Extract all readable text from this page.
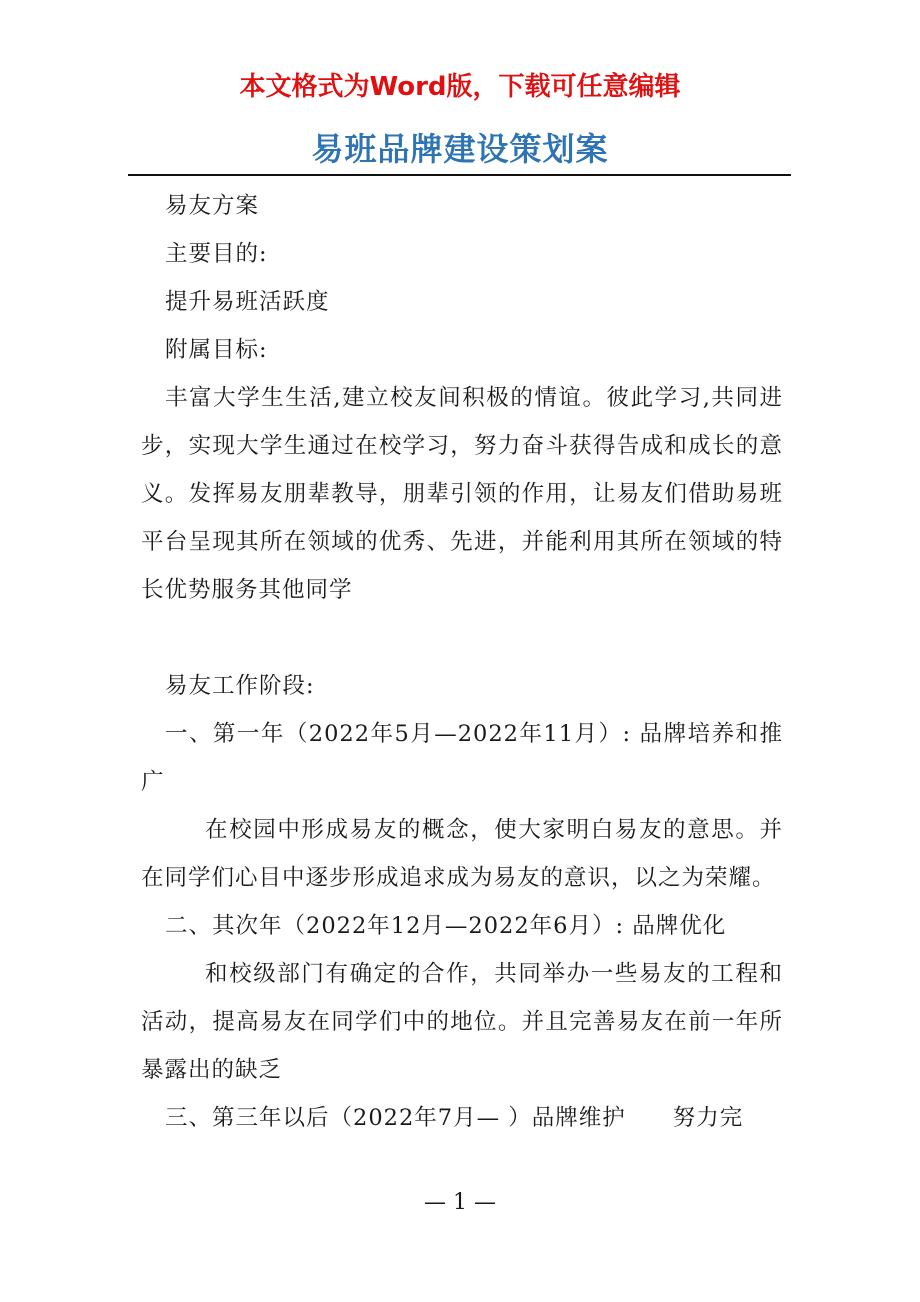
本文格式为Word版，下载可任意编辑
易班品牌建设策划案

易友方案

主要目的:

提升易班活跃度

附属目标:

丰富大学生生活,建立校友间积极的情谊。彼此学习,共同进步，实现大学生通过在校学习，努力奋斗获得告成和成长的意义。发挥易友朋辈教导，朋辈引领的作用，让易友们借助易班平台呈现其所在领域的优秀、先进，并能利用其所在领域的特长优势服务其他同学

易友工作阶段:

一、第一年（2022年5月—2022年11月）: 品牌培养和推广

在校园中形成易友的概念，使大家明白易友的意思。并在同学们心目中逐步形成追求成为易友的意识，以之为荣耀。

二、其次年（2022年12月—2022年6月）: 品牌优化

和校级部门有确定的合作，共同举办一些易友的工程和活动，提高易友在同学们中的地位。并且完善易友在前一年所暴露出的缺乏

三、第三年以后（2022年7月— ）品牌维护　　努力完

— 1 —
